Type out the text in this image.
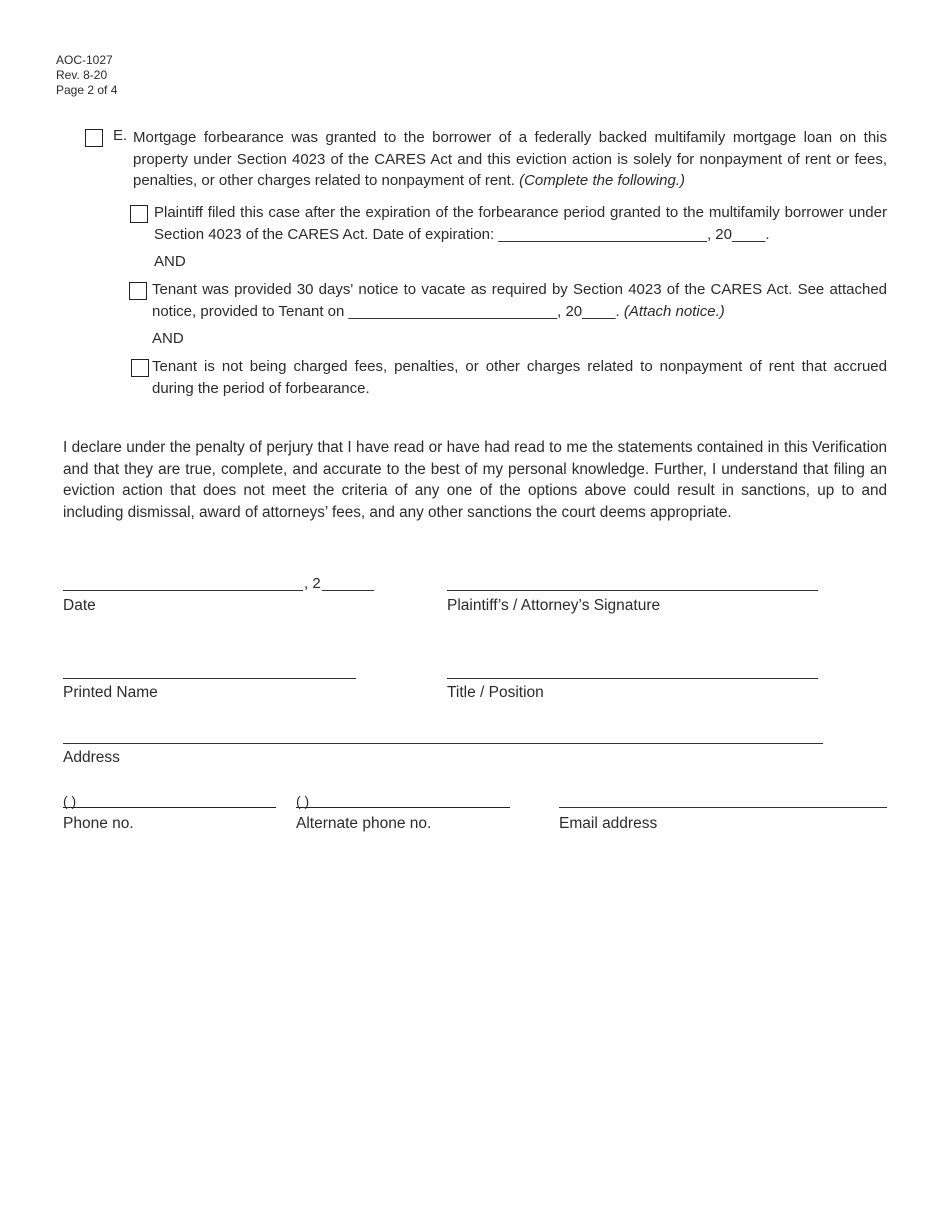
AOC-1027
Rev. 8-20
Page 2 of 4
E. Mortgage forbearance was granted to the borrower of a federally backed multifamily mortgage loan on this property under Section 4023 of the CARES Act and this eviction action is solely for nonpayment of rent or fees, penalties, or other charges related to nonpayment of rent. (Complete the following.)
Plaintiff filed this case after the expiration of the forbearance period granted to the multifamily borrower under Section 4023 of the CARES Act. Date of expiration: _________________________, 20____.
AND
Tenant was provided 30 days' notice to vacate as required by Section 4023 of the CARES Act. See attached notice, provided to Tenant on _________________________, 20____. (Attach notice.)
AND
Tenant is not being charged fees, penalties, or other charges related to nonpayment of rent that accrued during the period of forbearance.
I declare under the penalty of perjury that I have read or have had read to me the statements contained in this Verification and that they are true, complete, and accurate to the best of my personal knowledge. Further, I understand that filing an eviction action that does not meet the criteria of any one of the options above could result in sanctions, up to and including dismissal, award of attorneys’ fees, and any other sanctions the court deems appropriate.
, 2
Date	Plaintiff’s / Attorney’s Signature
Printed Name	Title / Position
Address
( )
Phone no.
( )
Alternate phone no.	Email address
